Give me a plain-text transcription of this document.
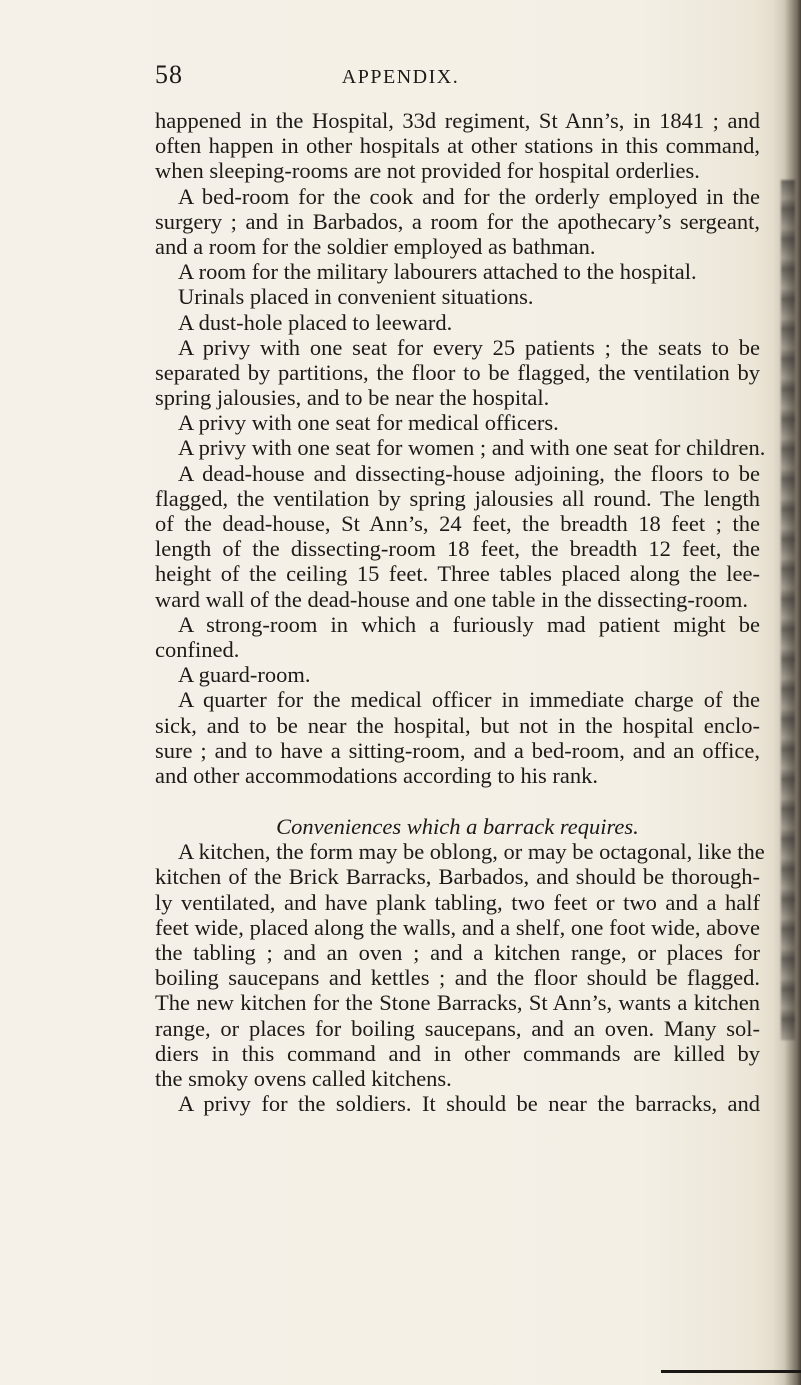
58	APPENDIX.
happened in the Hospital, 33d regiment, St Ann’s, in 1841 ; and
often happen in other hospitals at other stations in this command,
when sleeping-rooms are not provided for hospital orderlies.
A bed-room for the cook and for the orderly employed in the
surgery ; and in Barbados, a room for the apothecary’s sergeant,
and a room for the soldier employed as bathman.
A room for the military labourers attached to the hospital.
Urinals placed in convenient situations.
A dust-hole placed to leeward.
A privy with one seat for every 25 patients ; the seats to be
separated by partitions, the floor to be flagged, the ventilation by
spring jalousies, and to be near the hospital.
A privy with one seat for medical officers.
A privy with one seat for women ; and with one seat for children.
A dead-house and dissecting-house adjoining, the floors to be
flagged, the ventilation by spring jalousies all round. The length
of the dead-house, St Ann’s, 24 feet, the breadth 18 feet ; the
length of the dissecting-room 18 feet, the breadth 12 feet, the
height of the ceiling 15 feet. Three tables placed along the lee-
ward wall of the dead-house and one table in the dissecting-room.
A strong-room in which a furiously mad patient might be
confined.
A guard-room.
A quarter for the medical officer in immediate charge of the
sick, and to be near the hospital, but not in the hospital enclo-
sure ; and to have a sitting-room, and a bed-room, and an office,
and other accommodations according to his rank.
Conveniences which a barrack requires.
A kitchen, the form may be oblong, or may be octagonal, like the
kitchen of the Brick Barracks, Barbados, and should be thorough-
ly ventilated, and have plank tabling, two feet or two and a half
feet wide, placed along the walls, and a shelf, one foot wide, above
the tabling ; and an oven ; and a kitchen range, or places for
boiling saucepans and kettles ; and the floor should be flagged.
The new kitchen for the Stone Barracks, St Ann’s, wants a kitchen
range, or places for boiling saucepans, and an oven. Many sol-
diers in this command and in other commands are killed by
the smoky ovens called kitchens.
A privy for the soldiers. It should be near the barracks, and
